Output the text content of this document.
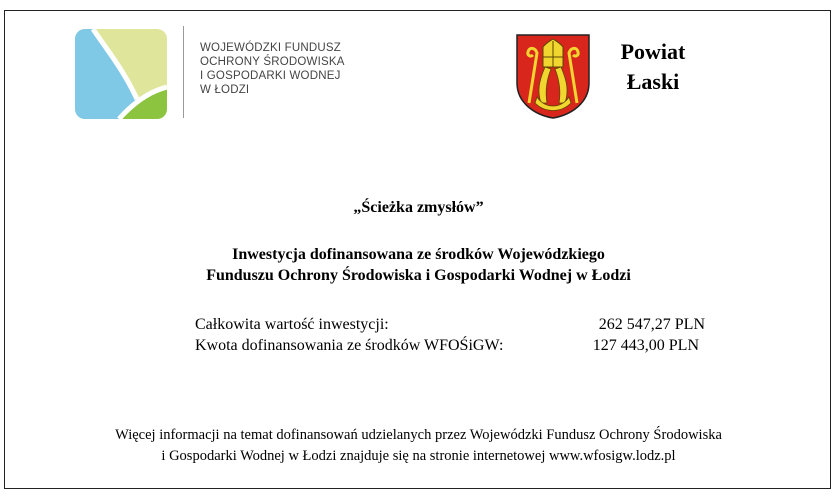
WOJEWÓDZKI FUNDUSZ
OCHRONY ŚRODOWISKA
I GOSPODARKI WODNEJ
W ŁODZI
Powiat
Łaski
„Ścieżka zmysłów”
Inwestycja dofinansowana ze środków Wojewódzkiego
Funduszu Ochrony Środowiska i Gospodarki Wodnej w Łodzi
Całkowita wartość inwestycji:	262 547,27 PLN
Kwota dofinansowania ze środków WFOŚiGW:	127 443,00 PLN
Więcej informacji na temat dofinansowań udzielanych przez Wojewódzki Fundusz Ochrony Środowiska
i Gospodarki Wodnej w Łodzi znajduje się na stronie internetowej www.wfosigw.lodz.pl
